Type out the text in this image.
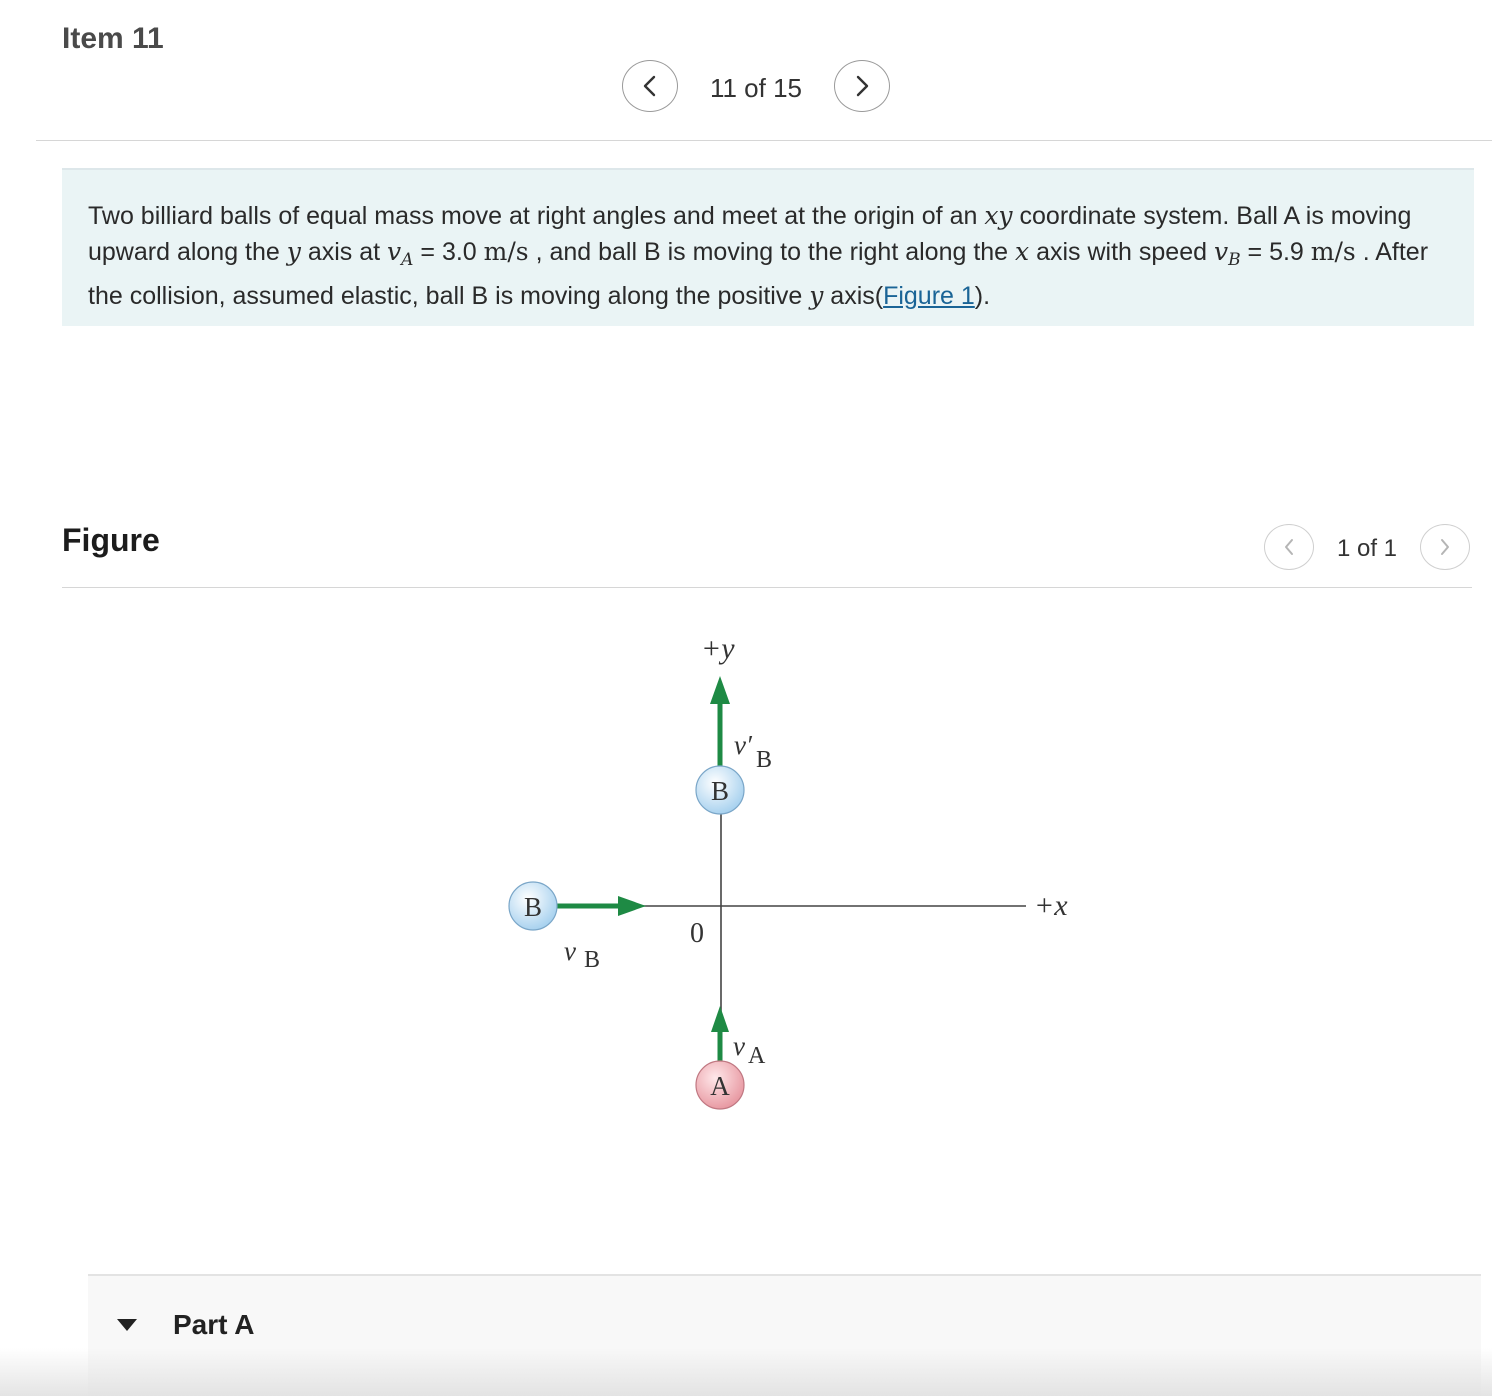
Item 11
11 of 15
Two billiard balls of equal mass move at right angles and meet at the origin of an xy coordinate system. Ball A is moving upward along the y axis at $v_A = 3.0$ m/s , and ball B is moving to the right along the x axis with speed $v_B = 5.9$ m/s . After the collision, assumed elastic, ball B is moving along the positive y axis(Figure 1).
Figure	1 of 1
B
B
A
+y
+x
0
v′ B
v B
v A
Part A
